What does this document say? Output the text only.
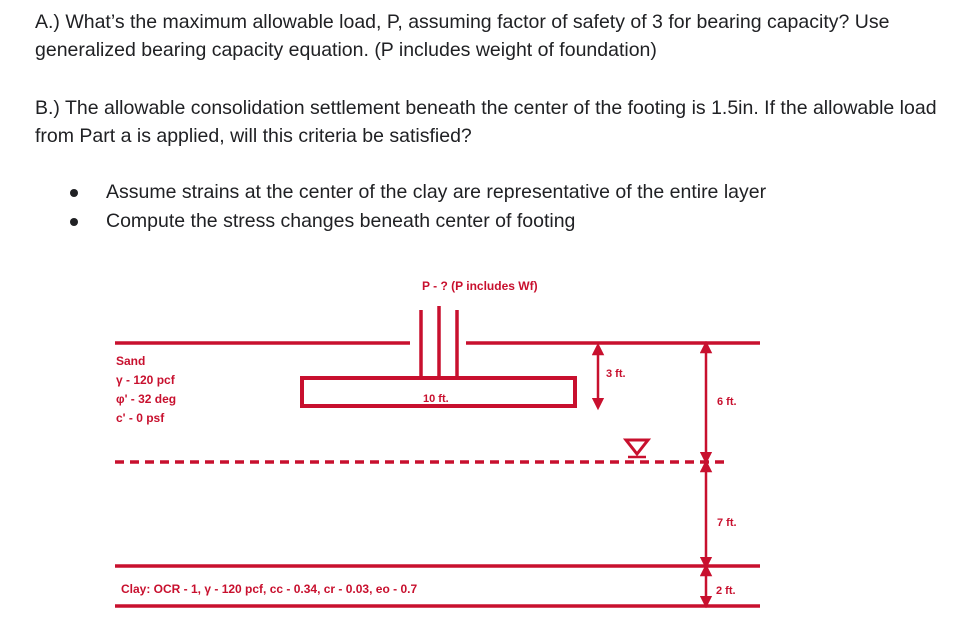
A.) What’s the maximum allowable load, P, assuming factor of safety of 3 for bearing capacity? Use generalized bearing capacity equation. (P includes weight of foundation)
B.) The allowable consolidation settlement beneath the center of the footing is 1.5in. If the allowable load from Part a is applied, will this criteria be satisfied?
Assume strains at the center of the clay are representative of the entire layer
Compute the stress changes beneath center of footing
P - ? (P includes Wf)
10 ft.
3 ft.
Sand
γ - 120 pcf
φ' - 32 deg
c' - 0 psf
6 ft.
7 ft.
2 ft.
Clay: OCR - 1, γ - 120 pcf, cc - 0.34, cr - 0.03, eo - 0.7
